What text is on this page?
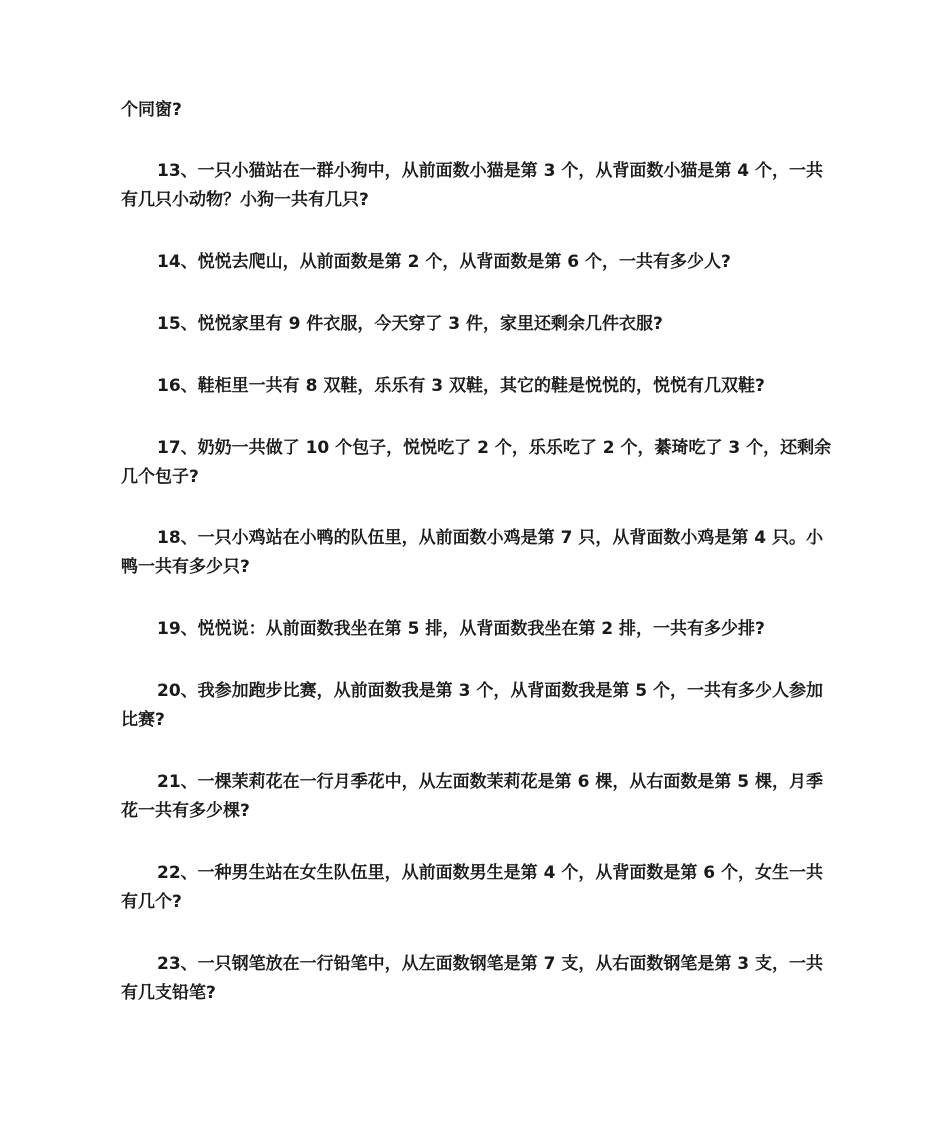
个同窗?

13、一只小猫站在一群小狗中，从前面数小猫是第 3 个，从背面数小猫是第 4 个，一共有几只小动物？小狗一共有几只?

14、悦悦去爬山，从前面数是第 2 个，从背面数是第 6 个，一共有多少人?

15、悦悦家里有 9 件衣服，今天穿了 3 件，家里还剩余几件衣服?

16、鞋柜里一共有 8 双鞋，乐乐有 3 双鞋，其它的鞋是悦悦的，悦悦有几双鞋?

17、奶奶一共做了 10 个包子，悦悦吃了 2 个，乐乐吃了 2 个，綦琦吃了 3 个，还剩余几个包子?

18、一只小鸡站在小鸭的队伍里，从前面数小鸡是第 7 只，从背面数小鸡是第 4 只。小鸭一共有多少只?

19、悦悦说：从前面数我坐在第 5 排，从背面数我坐在第 2 排，一共有多少排?

20、我参加跑步比赛，从前面数我是第 3 个，从背面数我是第 5 个，一共有多少人参加比赛?

21、一棵茉莉花在一行月季花中，从左面数茉莉花是第 6 棵，从右面数是第 5 棵，月季花一共有多少棵?

22、一种男生站在女生队伍里，从前面数男生是第 4 个，从背面数是第 6 个，女生一共有几个?

23、一只钢笔放在一行铅笔中，从左面数钢笔是第 7 支，从右面数钢笔是第 3 支，一共有几支铅笔?
